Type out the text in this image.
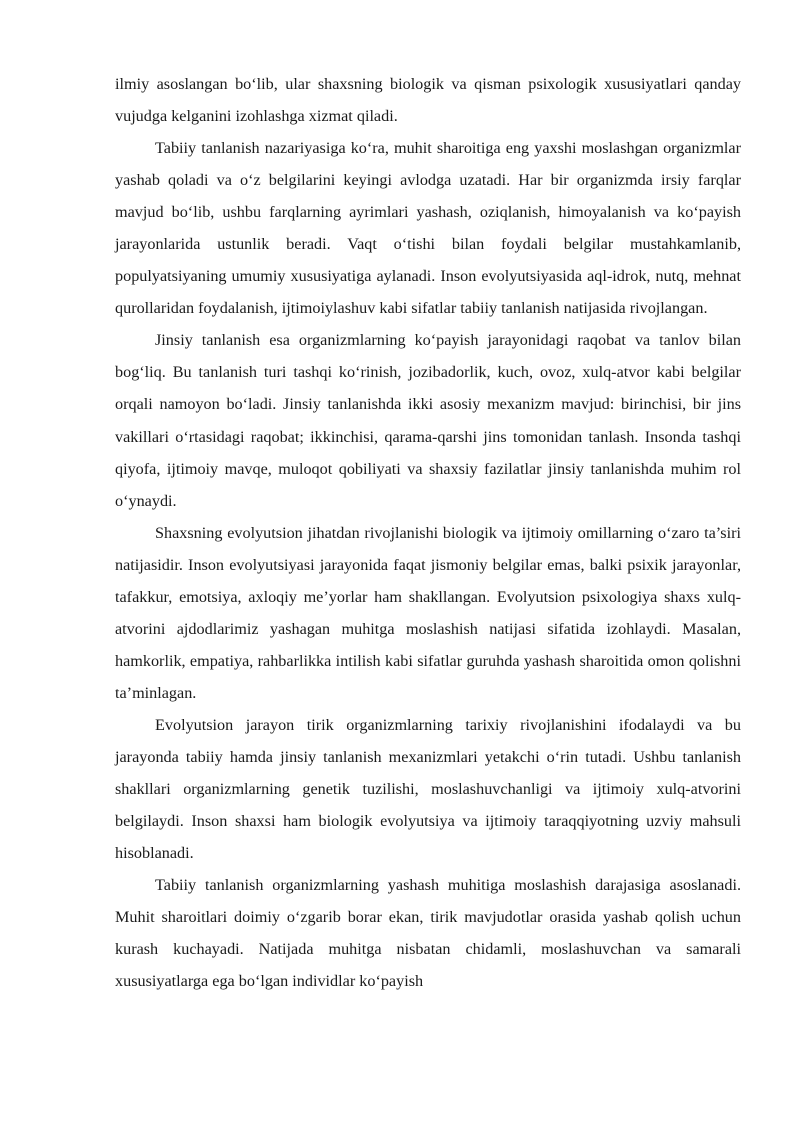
ilmiy asoslangan bo‘lib, ular shaxsning biologik va qisman psixologik xususiyatlari qanday vujudga kelganini izohlashga xizmat qiladi.

Tabiiy tanlanish nazariyasiga ko‘ra, muhit sharoitiga eng yaxshi moslashgan organizmlar yashab qoladi va o‘z belgilarini keyingi avlodga uzatadi. Har bir organizmda irsiy farqlar mavjud bo‘lib, ushbu farqlarning ayrimlari yashash, oziqlanish, himoyalanish va ko‘payish jarayonlarida ustunlik beradi. Vaqt o‘tishi bilan foydali belgilar mustahkamlanib, populyatsiyaning umumiy xususiyatiga aylanadi. Inson evolyutsiyasida aql-idrok, nutq, mehnat qurollaridan foydalanish, ijtimoiylashuv kabi sifatlar tabiiy tanlanish natijasida rivojlangan.

Jinsiy tanlanish esa organizmlarning ko‘payish jarayonidagi raqobat va tanlov bilan bog‘liq. Bu tanlanish turi tashqi ko‘rinish, jozibadorlik, kuch, ovoz, xulq-atvor kabi belgilar orqali namoyon bo‘ladi. Jinsiy tanlanishda ikki asosiy mexanizm mavjud: birinchisi, bir jins vakillari o‘rtasidagi raqobat; ikkinchisi, qarama-qarshi jins tomonidan tanlash. Insonda tashqi qiyofa, ijtimoiy mavqe, muloqot qobiliyati va shaxsiy fazilatlar jinsiy tanlanishda muhim rol o‘ynaydi.

Shaxsning evolyutsion jihatdan rivojlanishi biologik va ijtimoiy omillarning o‘zaro ta’siri natijasidir. Inson evolyutsiyasi jarayonida faqat jismoniy belgilar emas, balki psixik jarayonlar, tafakkur, emotsiya, axloqiy me’yorlar ham shakllangan. Evolyutsion psixologiya shaxs xulq-atvorini ajdodlarimiz yashagan muhitga moslashish natijasi sifatida izohlaydi. Masalan, hamkorlik, empatiya, rahbarlikka intilish kabi sifatlar guruhda yashash sharoitida omon qolishni ta’minlagan.

Evolyutsion jarayon tirik organizmlarning tarixiy rivojlanishini ifodalaydi va bu jarayonda tabiiy hamda jinsiy tanlanish mexanizmlari yetakchi o‘rin tutadi. Ushbu tanlanish shakllari organizmlarning genetik tuzilishi, moslashuvchanligi va ijtimoiy xulq-atvorini belgilaydi. Inson shaxsi ham biologik evolyutsiya va ijtimoiy taraqqiyotning uzviy mahsuli hisoblanadi.

Tabiiy tanlanish organizmlarning yashash muhitiga moslashish darajasiga asoslanadi. Muhit sharoitlari doimiy o‘zgarib borar ekan, tirik mavjudotlar orasida yashab qolish uchun kurash kuchayadi. Natijada muhitga nisbatan chidamli, moslashuvchan va samarali xususiyatlarga ega bo‘lgan individlar ko‘payish
